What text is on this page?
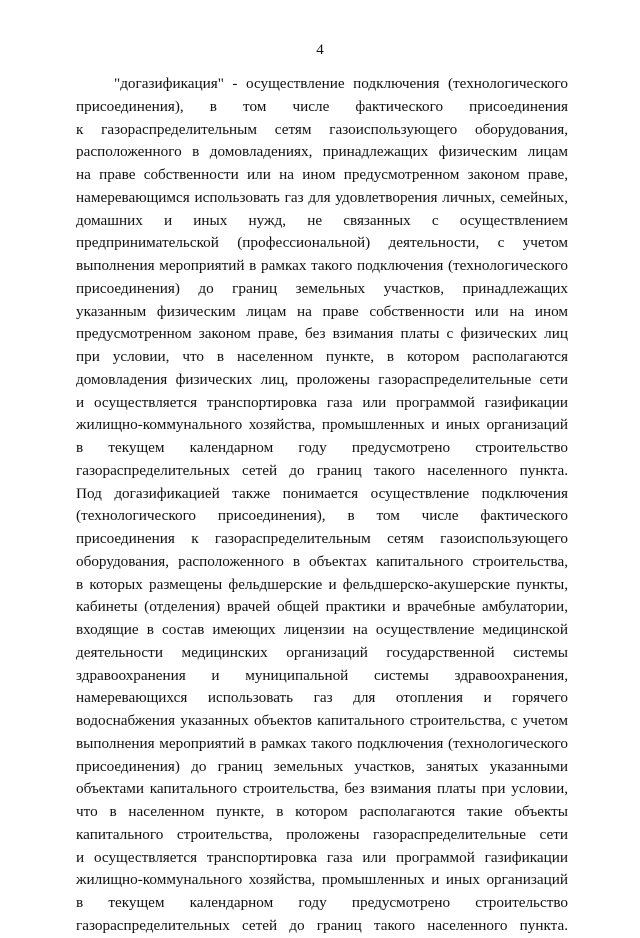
4
"догазификация" - осуществление подключения (технологического
присоединения), в том числе фактического присоединения
к газораспределительным сетям газоиспользующего оборудования,
расположенного в домовладениях, принадлежащих физическим лицам
на праве собственности или на ином предусмотренном законом праве,
намеревающимся использовать газ для удовлетворения личных, семейных,
домашних и иных нужд, не связанных с осуществлением
предпринимательской (профессиональной) деятельности, с учетом
выполнения мероприятий в рамках такого подключения (технологического
присоединения) до границ земельных участков, принадлежащих
указанным физическим лицам на праве собственности или на ином
предусмотренном законом праве, без взимания платы с физических лиц
при условии, что в населенном пункте, в котором располагаются
домовладения физических лиц, проложены газораспределительные сети
и осуществляется транспортировка газа или программой газификации
жилищно-коммунального хозяйства, промышленных и иных организаций
в текущем календарном году предусмотрено строительство
газораспределительных сетей до границ такого населенного пункта.
Под догазификацией также понимается осуществление подключения
(технологического присоединения), в том числе фактического
присоединения к газораспределительным сетям газоиспользующего
оборудования, расположенного в объектах капитального строительства,
в которых размещены фельдшерские и фельдшерско-акушерские пункты,
кабинеты (отделения) врачей общей практики и врачебные амбулатории,
входящие в состав имеющих лицензии на осуществление медицинской
деятельности медицинских организаций государственной системы
здравоохранения и муниципальной системы здравоохранения,
намеревающихся использовать газ для отопления и горячего
водоснабжения указанных объектов капитального строительства, с учетом
выполнения мероприятий в рамках такого подключения (технологического
присоединения) до границ земельных участков, занятых указанными
объектами капитального строительства, без взимания платы при условии,
что в населенном пункте, в котором располагаются такие объекты
капитального строительства, проложены газораспределительные сети
и осуществляется транспортировка газа или программой газификации
жилищно-коммунального хозяйства, промышленных и иных организаций
в текущем календарном году предусмотрено строительство
газораспределительных сетей до границ такого населенного пункта.
